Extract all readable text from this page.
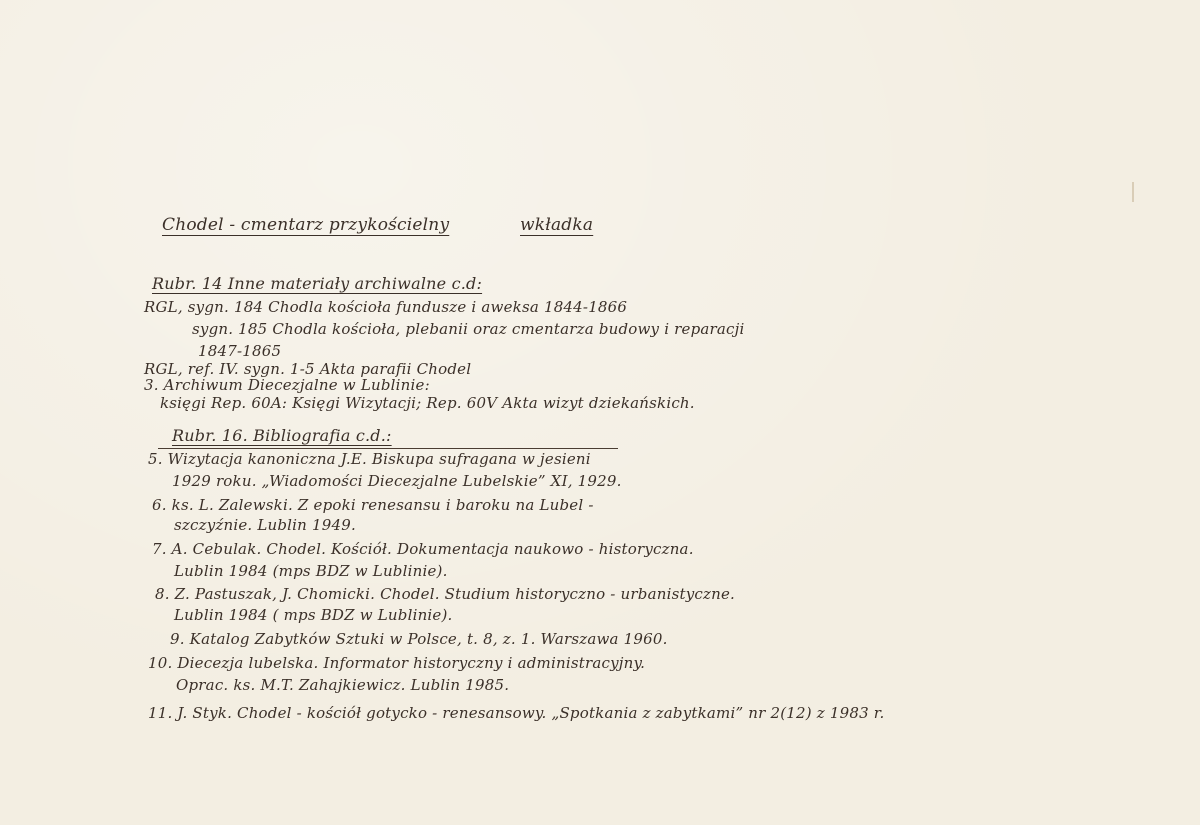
Chodel - cmentarz przykościelny	wkładka
Rubr. 14 Inne materiały archiwalne c.d:
RGL, sygn. 184 Chodla kościoła fundusze i aweksa 1844-1866
sygn. 185 Chodla kościoła, plebanii oraz cmentarza budowy i reparacji
1847-1865
RGL, ref. IV. sygn. 1-5 Akta parafii Chodel
3. Archiwum Diecezjalne w Lublinie:
księgi Rep. 60A: Księgi Wizytacji; Rep. 60V Akta wizyt dziekańskich.
Rubr. 16. Bibliografia c.d.:
5. Wizytacja kanoniczna J.E. Biskupa sufragana w jesieni
1929 roku. „Wiadomości Diecezjalne Lubelskie” XI, 1929.
6. ks. L. Zalewski. Z epoki renesansu i baroku na Lubel -
szczyźnie. Lublin 1949.
7. A. Cebulak. Chodel. Kościół. Dokumentacja naukowo - historyczna.
Lublin 1984 (mps BDZ w Lublinie).
8. Z. Pastuszak, J. Chomicki. Chodel. Studium historyczno - urbanistyczne.
Lublin 1984 ( mps BDZ w Lublinie).
9. Katalog Zabytków Sztuki w Polsce, t. 8, z. 1. Warszawa 1960.
10. Diecezja lubelska. Informator historyczny i administracyjny.
Oprac. ks. M.T. Zahajkiewicz. Lublin 1985.
11. J. Styk. Chodel - kościół gotycko - renesansowy. „Spotkania z zabytkami” nr 2(12) z 1983 r.
